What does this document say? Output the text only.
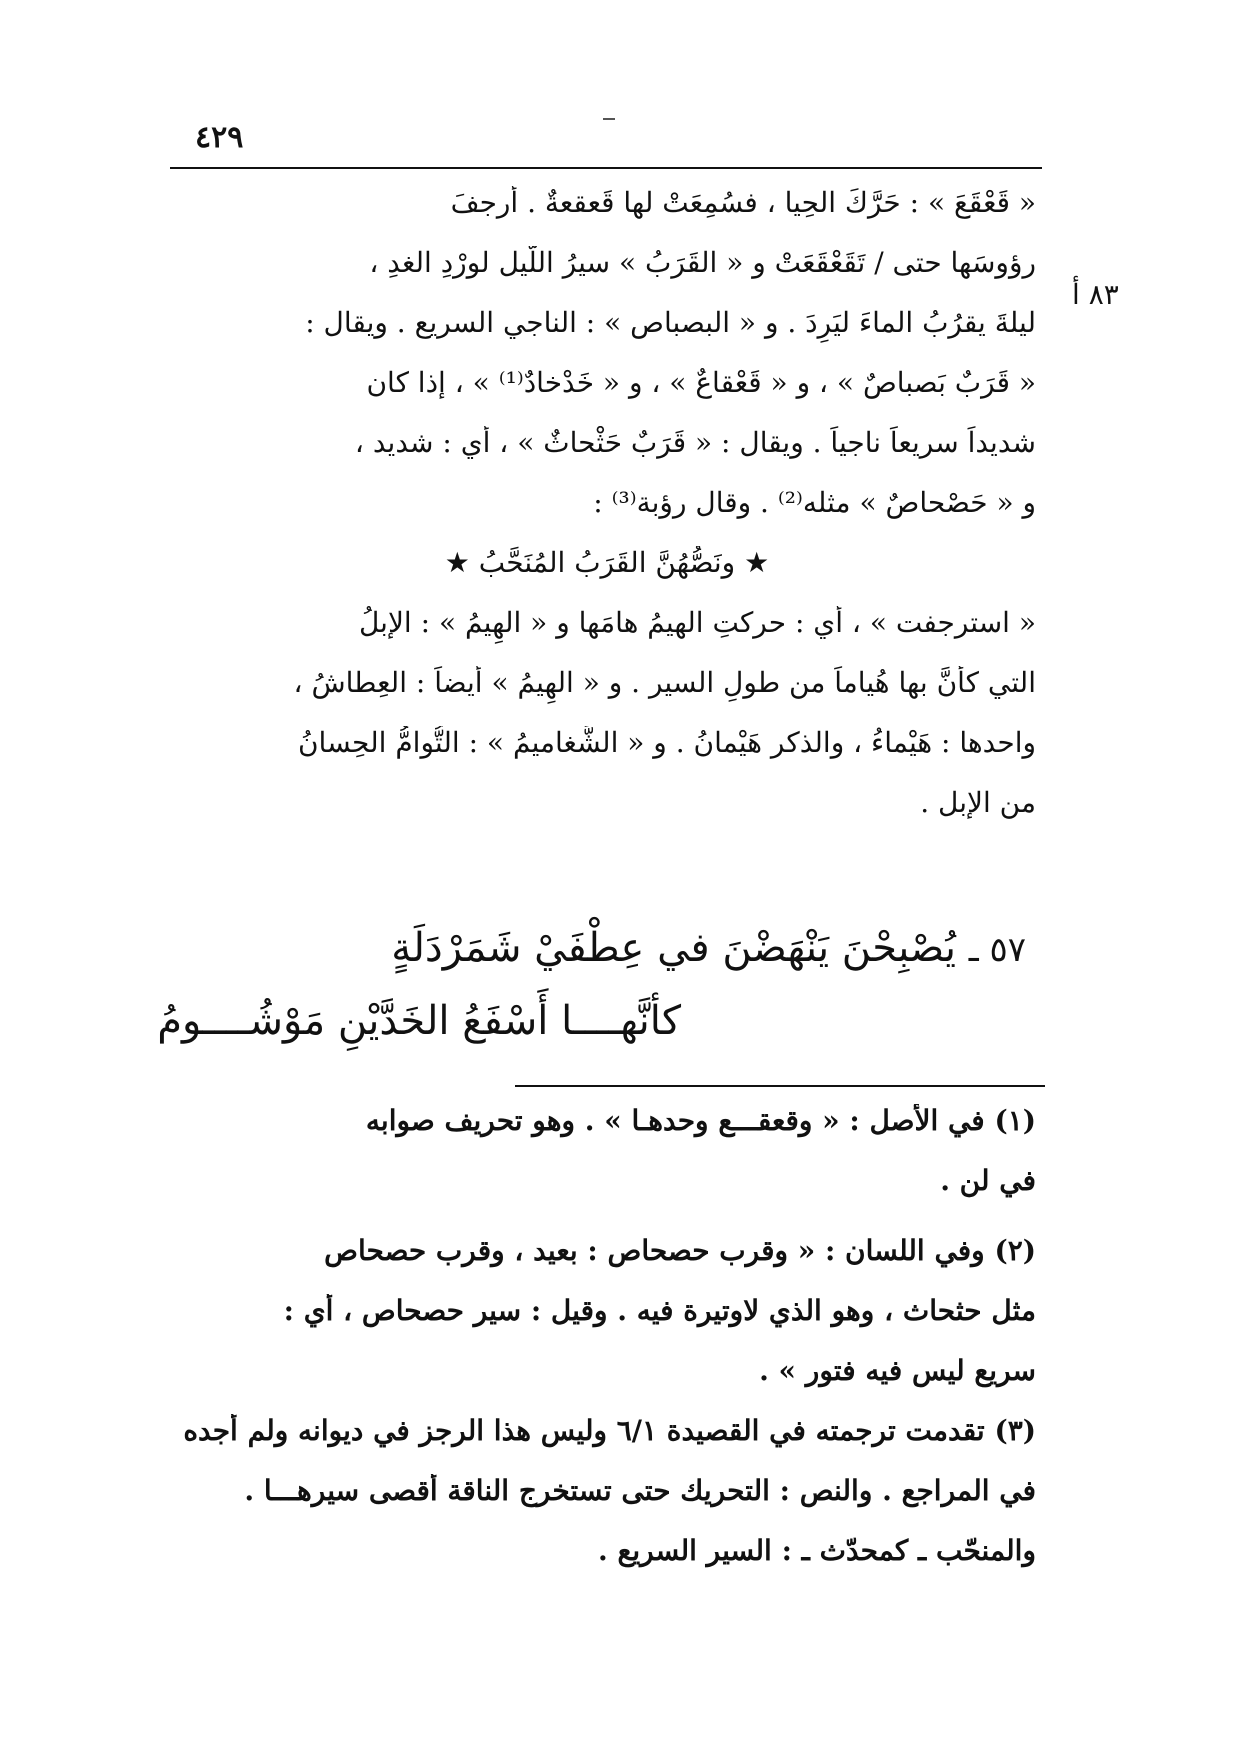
٤٢٩
٨٣ أ
« قَعْقَعَ » : حَرَّكَ الحِيا ، فسُمِعَتْ لها قَعقعةٌ . أرجفَ
رؤوسَها حتى / تَقَعْقَعَتْ و « القَرَبُ » سيرُ اللّيل لورْدِ الغدِ ،
ليلةَ يقرُبُ الماءَ ليَرِدَ . و « البصباص » : الناجي السريع . ويقال :
« قَرَبٌ بَصباصٌ » ، و « قَعْقاعٌ » ، و « خَدْخادٌ⁽¹⁾ » ، إذا كان
شديداً سريعاً ناجياً . ويقال : « قَرَبٌ حَثْحاثٌ » ، أي : شديد ،
و « حَصْحاصٌ » مثله⁽²⁾ . وقال رؤبة⁽³⁾ :
★ ونَصُّهُنَّ القَرَبُ المُنَحَّبُ ★
« استرجفت » ، أي : حركتِ الهيمُ هامَها و « الهِيمُ » : الإبلُ
التي كأنَّ بها هُياماً من طولِ السير . و « الهِيمُ » أيضاً : العِطاشُ ،
واحدها : هَيْماءُ ، والذكر هَيْمانُ . و « الشَّغاميمُ » : التُّوامُّ الحِسانُ
من الإبل .
٥٧ ـ يُصْبِحْنَ يَنْهَضْنَ في عِطْفَيْ شَمَرْدَلَةٍ
كأنَّهــــا أَسْفَعُ الخَدَّيْنِ مَوْشُــــومُ
(١) في الأصل : « وقعقـــع وحدهـا » . وهو تحريف صوابه
في لن .
(٢) وفي اللسان : « وقرب حصحاص : بعيد ، وقرب حصحاص
مثل حثحاث ، وهو الذي لاوتيرة فيه . وقيل : سير حصحاص ، أي :
سريع ليس فيه فتور » .
(٣) تقدمت ترجمته في القصيدة ٦/١ وليس هذا الرجز في ديوانه ولم أجده
في المراجع . والنص : التحريك حتى تستخرج الناقة أقصى سيرهـــا .
والمنحّب ـ كمحدّث ـ : السير السريع .
